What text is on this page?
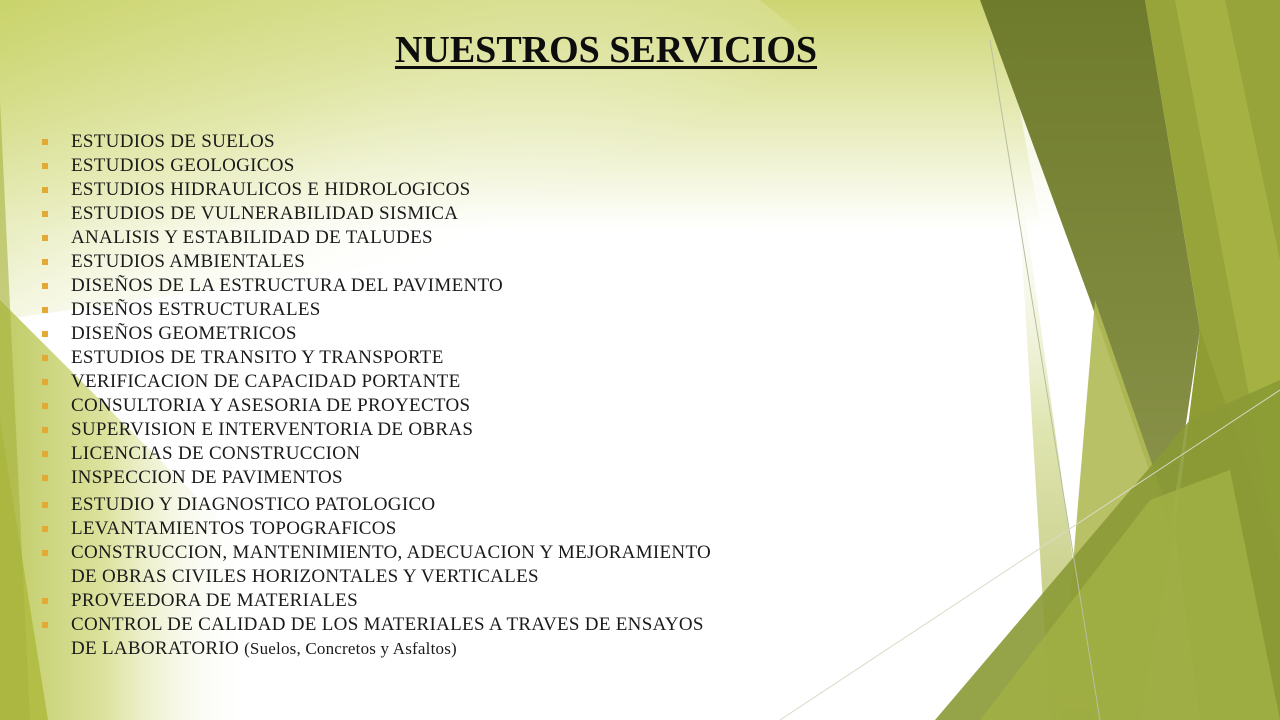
NUESTROS SERVICIOS
ESTUDIOS DE SUELOS
ESTUDIOS GEOLOGICOS
ESTUDIOS HIDRAULICOS E HIDROLOGICOS
ESTUDIOS DE VULNERABILIDAD SISMICA
ANALISIS Y ESTABILIDAD DE TALUDES
ESTUDIOS AMBIENTALES
DISEÑOS DE LA ESTRUCTURA DEL PAVIMENTO
DISEÑOS ESTRUCTURALES
DISEÑOS GEOMETRICOS
ESTUDIOS DE TRANSITO Y TRANSPORTE
VERIFICACION DE CAPACIDAD PORTANTE
CONSULTORIA Y ASESORIA DE PROYECTOS
SUPERVISION E INTERVENTORIA DE OBRAS
LICENCIAS DE CONSTRUCCION
INSPECCION DE PAVIMENTOS
ESTUDIO Y DIAGNOSTICO PATOLOGICO
LEVANTAMIENTOS TOPOGRAFICOS
CONSTRUCCION, MANTENIMIENTO, ADECUACION Y MEJORAMIENTO DE OBRAS CIVILES HORIZONTALES Y VERTICALES
PROVEEDORA DE MATERIALES
CONTROL DE CALIDAD DE LOS MATERIALES A TRAVES DE ENSAYOS DE LABORATORIO (Suelos, Concretos y Asfaltos)
